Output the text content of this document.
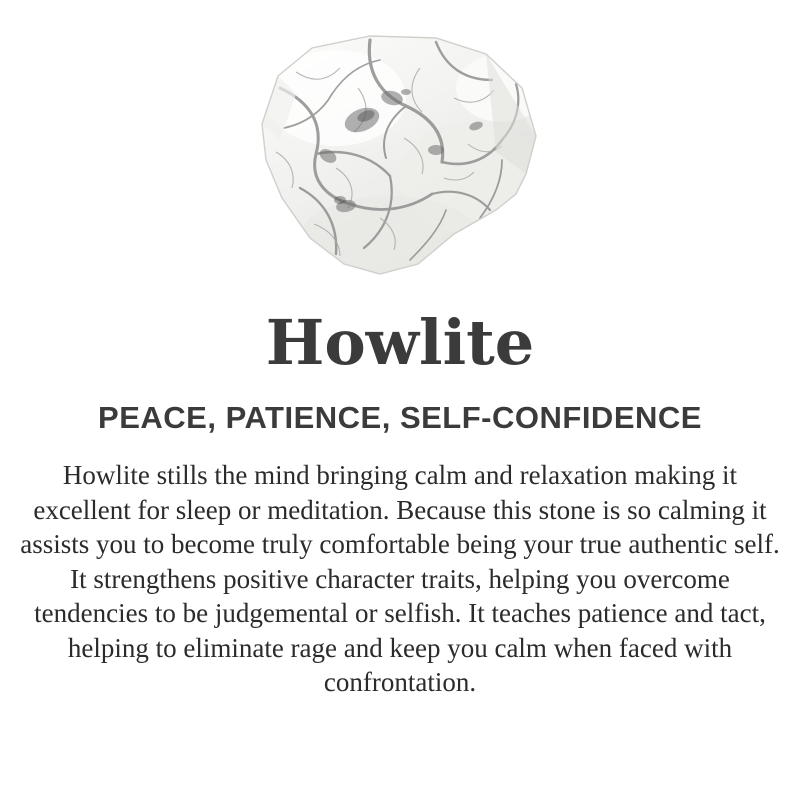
Howlite
PEACE, PATIENCE, SELF-CONFIDENCE

Howlite stills the mind bringing calm and relaxation making it excellent for sleep or meditation. Because this stone is so calming it assists you to become truly comfortable being your true authentic self. It strengthens positive character traits, helping you overcome tendencies to be judgemental or selfish. It teaches patience and tact, helping to eliminate rage and keep you calm when faced with confrontation.
